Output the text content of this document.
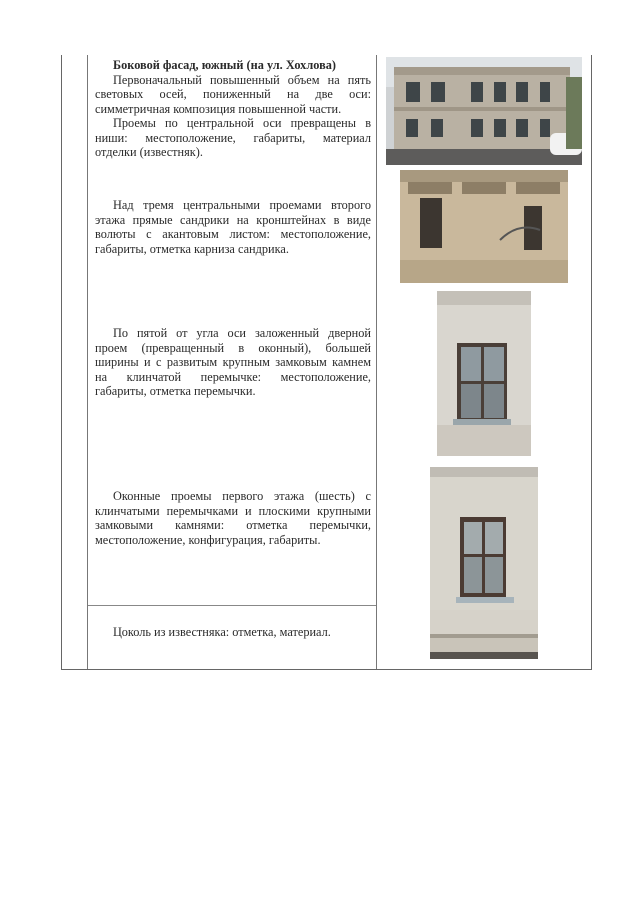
Боковой фасад, южный (на ул. Хохлова)
Первоначальный повышенный объем на пять световых осей, пониженный на две оси: симметричная композиция повышенной части.
Проемы по центральной оси превращены в ниши: местоположение, габариты, материал отделки (известняк).
Над тремя центральными проемами второго этажа прямые сандрики на кронштейнах в виде волюты с акантовым листом: местоположение, габариты, отметка карниза сандрика.
По пятой от угла оси заложенный дверной проем (превращенный в оконный), большей ширины и с развитым крупным замковым камнем на клинчатой перемычке: местоположение, габариты, отметка перемычки.
Оконные проемы первого этажа (шесть) с клинчатыми перемычками и плоскими крупными замковыми камнями: отметка перемычки, местоположение, конфигурация, габариты.
Цоколь из известняка: отметка, материал.
